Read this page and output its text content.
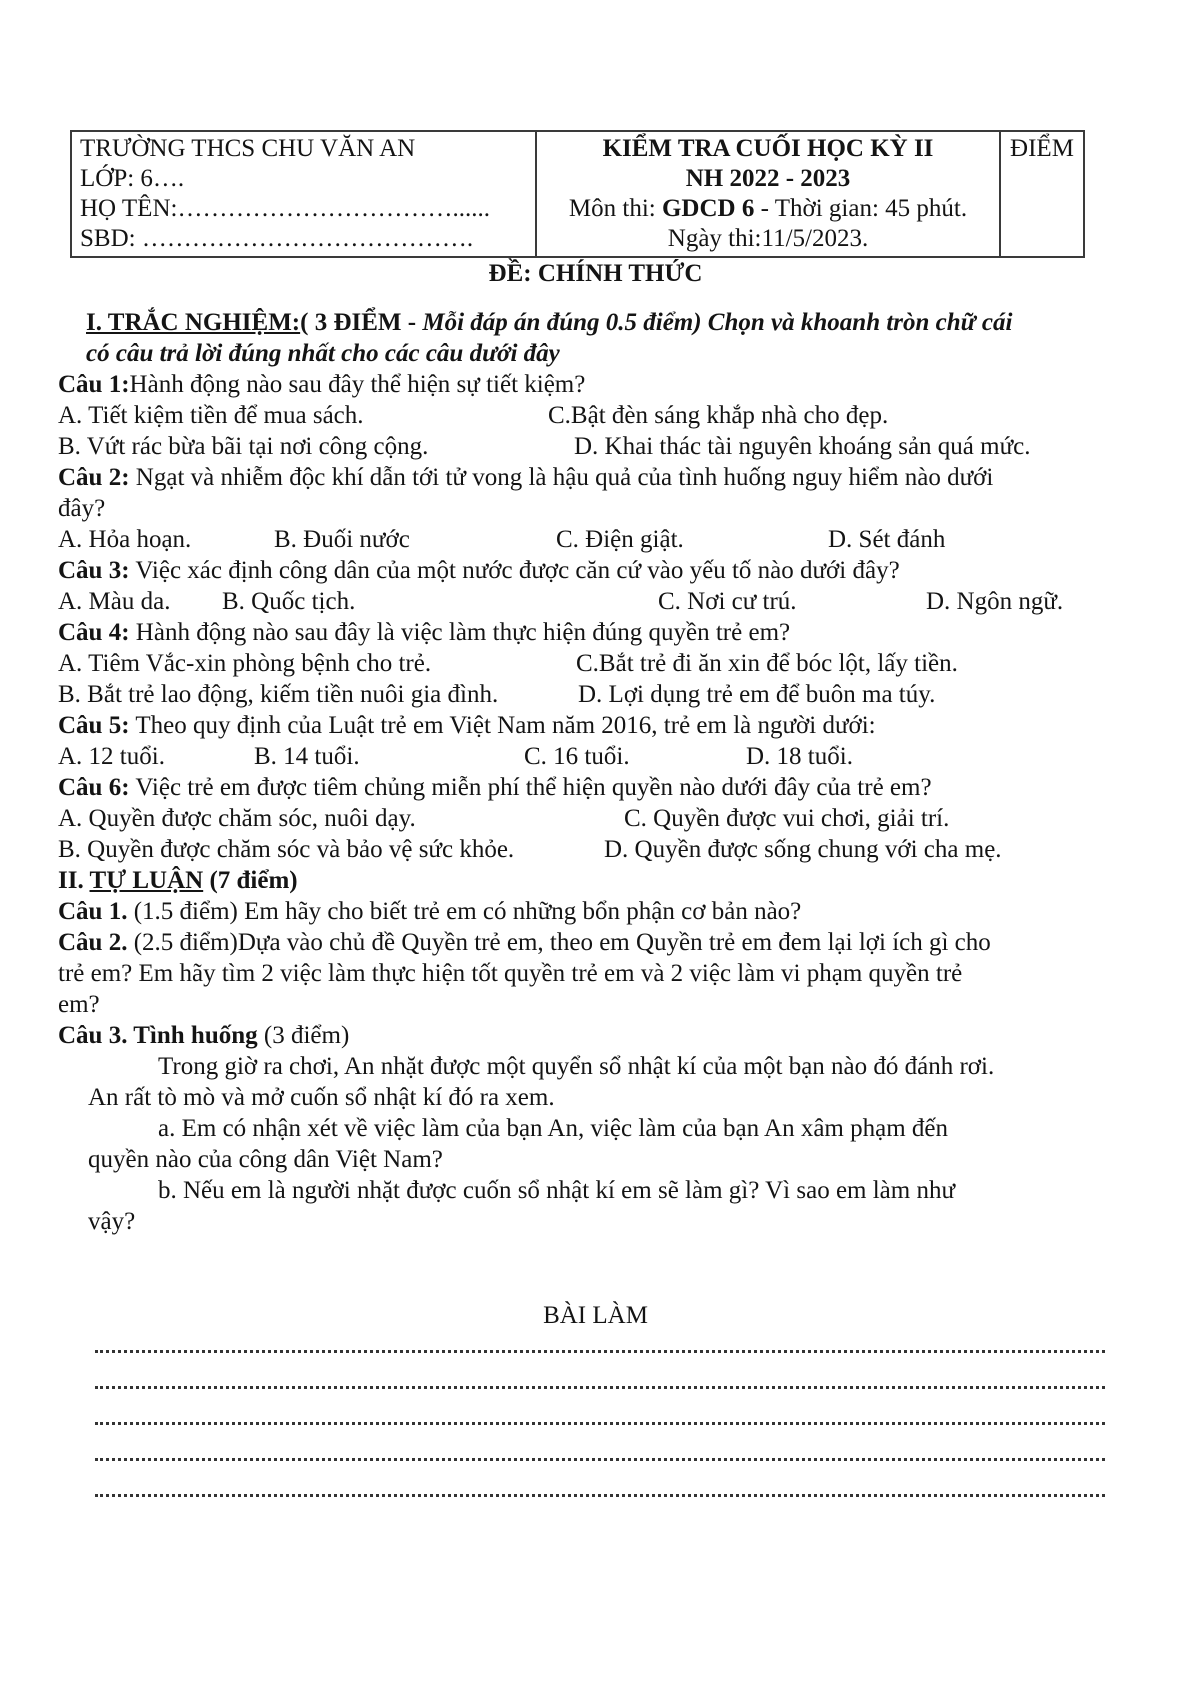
TRƯỜNG THCS CHU VĂN AN
LỚP: 6….
HỌ TÊN:……………………………......
SBD: ………………………………….

KIỂM TRA CUỐI HỌC KỲ II
NH 2022 - 2023
Môn thi: GDCD 6 - Thời gian: 45 phút.
Ngày thi:11/5/2023.

ĐIỂM
ĐỀ: CHÍNH THỨC
I. TRẮC NGHIỆM:( 3 ĐIỂM - Mỗi đáp án đúng 0.5 điểm) Chọn và khoanh tròn chữ cái
có câu trả lời đúng nhất cho các câu dưới đây
Câu 1:Hành động nào sau đây thể hiện sự tiết kiệm?
A. Tiết kiệm tiền để mua sách.	C.Bật đèn sáng khắp nhà cho đẹp.
B. Vứt rác bừa bãi tại nơi công cộng.	D. Khai thác tài nguyên khoáng sản quá mức.
Câu 2: Ngạt và nhiễm độc khí dẫn tới tử vong là hậu quả của tình huống nguy hiểm nào dưới
đây?
A. Hỏa hoạn.	B. Đuối nước	C. Điện giật.	D. Sét đánh
Câu 3: Việc xác định công dân của một nước được căn cứ vào yếu tố nào dưới đây?
A. Màu da.	B. Quốc tịch.	C. Nơi cư trú.	D. Ngôn ngữ.
Câu 4: Hành động nào sau đây là việc làm thực hiện đúng quyền trẻ em?
A. Tiêm Vắc-xin phòng bệnh cho trẻ.	C.Bắt trẻ đi ăn xin để bóc lột, lấy tiền.
B. Bắt trẻ lao động, kiếm tiền nuôi gia đình.	D. Lợi dụng trẻ em để buôn ma túy.
Câu 5: Theo quy định của Luật trẻ em Việt Nam năm 2016, trẻ em là người dưới:
A. 12 tuổi.	B. 14 tuổi.	C. 16 tuổi.	D. 18 tuổi.
Câu 6: Việc trẻ em được tiêm chủng miễn phí thể hiện quyền nào dưới đây của trẻ em?
A. Quyền được chăm sóc, nuôi dạy.	C. Quyền được vui chơi, giải trí.
B. Quyền được chăm sóc và bảo vệ sức khỏe.	D. Quyền được sống chung với cha mẹ.
II. TỰ LUẬN (7 điểm)
Câu 1. (1.5 điểm) Em hãy cho biết trẻ em có những bổn phận cơ bản nào?
Câu 2. (2.5 điểm)Dựa vào chủ đề Quyền trẻ em, theo em Quyền trẻ em đem lại lợi ích gì cho
trẻ em? Em hãy tìm 2 việc làm thực hiện tốt quyền trẻ em và 2 việc làm vi phạm quyền trẻ
em?
Câu 3. Tình huống (3 điểm)
Trong giờ ra chơi, An nhặt được một quyển sổ nhật kí của một bạn nào đó đánh rơi.
An rất tò mò và mở cuốn sổ nhật kí đó ra xem.
a. Em có nhận xét về việc làm của bạn An, việc làm của bạn An xâm phạm đến
quyền nào của công dân Việt Nam?
b. Nếu em là người nhặt được cuốn sổ nhật kí em sẽ làm gì? Vì sao em làm như
vậy?
BÀI LÀM
